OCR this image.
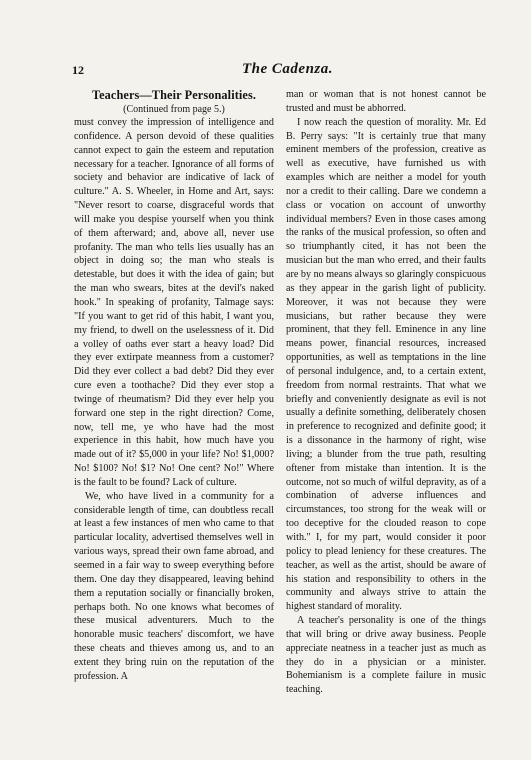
12	The Cadenza.

Teachers—Their Personalities.

(Continued from page 5.)

must convey the impression of intelligence and confidence. A person devoid of these qualities cannot expect to gain the esteem and reputation necessary for a teacher. Ignorance of all forms of society and behavior are indicative of lack of culture." A. S. Wheeler, in Home and Art, says: "Never resort to coarse, disgraceful words that will make you despise yourself when you think of them afterward; and, above all, never use profanity. The man who tells lies usually has an object in doing so; the man who steals is detestable, but does it with the idea of gain; but the man who swears, bites at the devil's naked hook." In speaking of profanity, Talmage says: "If you want to get rid of this habit, I want you, my friend, to dwell on the uselessness of it. Did a volley of oaths ever start a heavy load? Did they ever extirpate meanness from a customer? Did they ever collect a bad debt? Did they ever cure even a toothache? Did they ever stop a twinge of rheumatism? Did they ever help you forward one step in the right direction? Come, now, tell me, ye who have had the most experience in this habit, how much have you made out of it? $5,000 in your life? No! $1,000? No! $100? No! $1? No! One cent? No!" Where is the fault to be found? Lack of culture.

We, who have lived in a community for a considerable length of time, can doubtless recall at least a few instances of men who came to that particular locality, advertised themselves well in various ways, spread their own fame abroad, and seemed in a fair way to sweep everything before them. One day they disappeared, leaving behind them a reputation socially or financially broken, perhaps both. No one knows what becomes of these musical adventurers. Much to the honorable music teachers' discomfort, we have these cheats and thieves among us, and to an extent they bring ruin on the reputation of the profession. A

man or woman that is not honest cannot be trusted and must be abhorred.

I now reach the question of morality. Mr. Ed B. Perry says: "It is certainly true that many eminent members of the profession, creative as well as executive, have furnished us with examples which are neither a model for youth nor a credit to their calling. Dare we condemn a class or vocation on account of unworthy individual members? Even in those cases among the ranks of the musical profession, so often and so triumphantly cited, it has not been the musician but the man who erred, and their faults are by no means always so glaringly conspicuous as they appear in the garish light of publicity. Moreover, it was not because they were musicians, but rather because they were prominent, that they fell. Eminence in any line means power, financial resources, increased opportunities, as well as temptations in the line of personal indulgence, and, to a certain extent, freedom from normal restraints. That what we briefly and conveniently designate as evil is not usually a definite something, deliberately chosen in preference to recognized and definite good; it is a dissonance in the harmony of right, wise living; a blunder from the true path, resulting oftener from mistake than intention. It is the outcome, not so much of wilful depravity, as of a combination of adverse influences and circumstances, too strong for the weak will or too deceptive for the clouded reason to cope with." I, for my part, would consider it poor policy to plead leniency for these creatures. The teacher, as well as the artist, should be aware of his station and responsibility to others in the community and always strive to attain the highest standard of morality.

A teacher's personality is one of the things that will bring or drive away business. People appreciate neatness in a teacher just as much as they do in a physician or a minister. Bohemianism is a complete failure in music teaching.
